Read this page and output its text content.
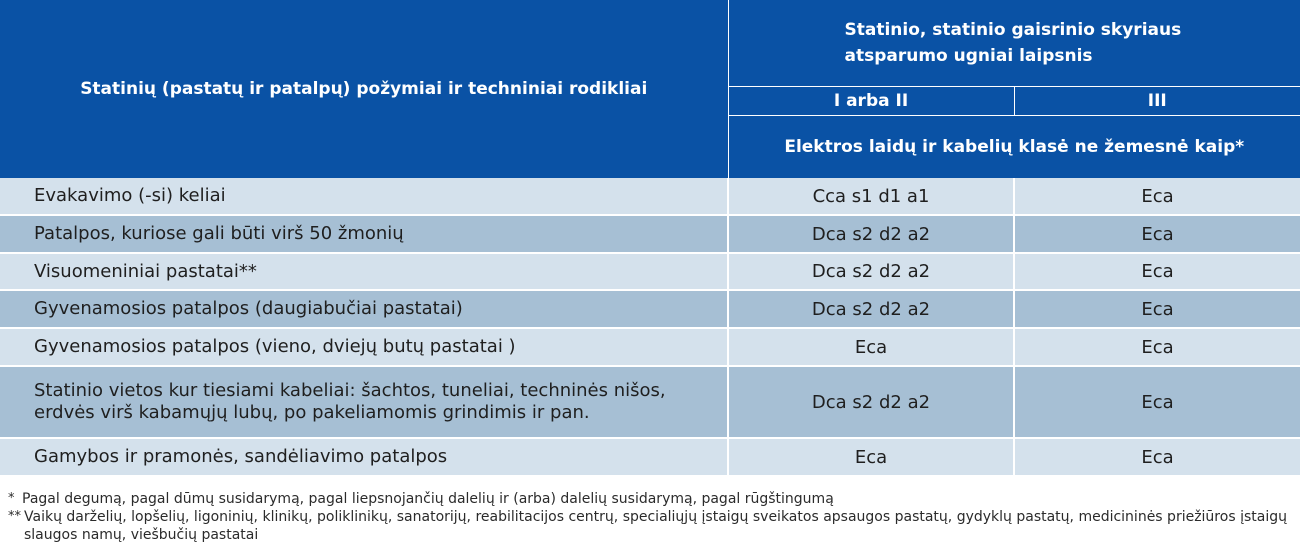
Statinių (pastatų ir patalpų) požymiai ir techniniai rodikliai	Statinio, statinio gaisrinio skyriaus
atsparumo ugniai laipsnis	

	I arba II	III
	Elektros laidų ir kabelių klasė ne žemesnė kaip*	
Evakavimo (-si) keliai	Cca s1 d1 a1	Eca
Patalpos, kuriose gali būti virš 50 žmonių	Dca s2 d2 a2	Eca
Visuomeniniai pastatai**	Dca s2 d2 a2	Eca
Gyvenamosios patalpos (daugiabučiai pastatai)	Dca s2 d2 a2	Eca
Gyvenamosios patalpos (vieno, dviejų butų pastatai )	Eca	Eca

Statinio vietos kur tiesiami kabeliai: šachtos, tuneliai, techninės nišos,
erdvės virš kabamųjų lubų, po pakeliamomis grindimis ir pan.	Dca s2 d2 a2	Eca
Gamybos ir pramonės, sandėliavimo patalpos	Eca	Eca
* Pagal degumą, pagal dūmų susidarymą, pagal liepsnojančių dalelių ir (arba) dalelių susidarymą, pagal rūgštingumą
** Vaikų darželių, lopšelių, ligoninių, klinikų, poliklinikų, sanatorijų, reabilitacijos centrų, specialiųjų įstaigų sveikatos apsaugos pastatų, gydyklų pastatų, medicininės priežiūros įstaigų
slaugos namų, viešbučių pastatai
